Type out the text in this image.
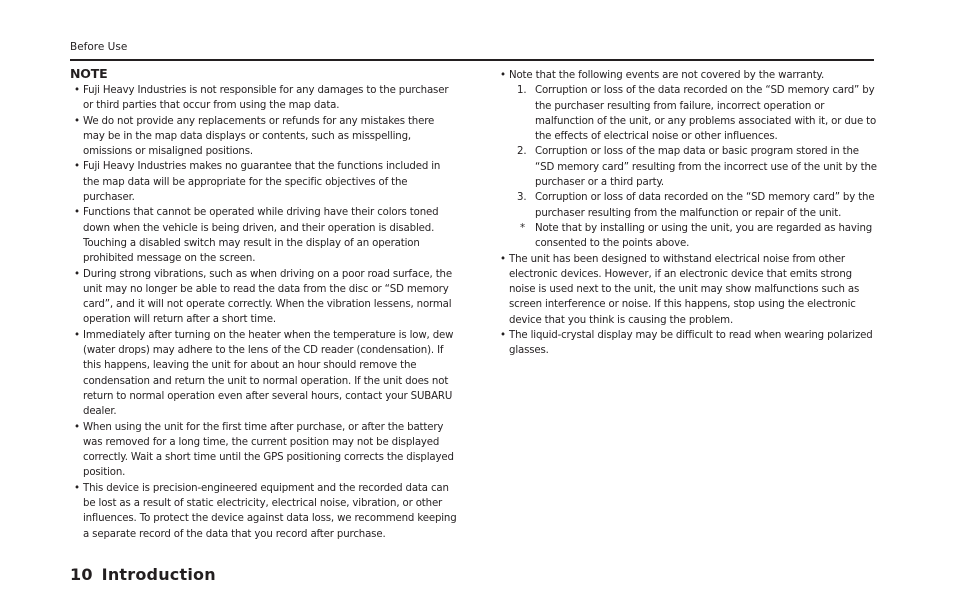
Before Use
NOTE
• Fuji Heavy Industries is not responsible for any damages to the purchaser or third parties that occur from using the map data.
• We do not provide any replacements or refunds for any mistakes there may be in the map data displays or contents, such as misspelling, omissions or misaligned positions.
• Fuji Heavy Industries makes no guarantee that the functions included in the map data will be appropriate for the specific objectives of the purchaser.
• Functions that cannot be operated while driving have their colors toned down when the vehicle is being driven, and their operation is disabled. Touching a disabled switch may result in the display of an operation prohibited message on the screen.
• During strong vibrations, such as when driving on a poor road surface, the unit may no longer be able to read the data from the disc or “SD memory card”, and it will not operate correctly. When the vibration lessens, normal operation will return after a short time.
• Immediately after turning on the heater when the temperature is low, dew (water drops) may adhere to the lens of the CD reader (condensation). If this happens, leaving the unit for about an hour should remove the condensation and return the unit to normal operation. If the unit does not return to normal operation even after several hours, contact your SUBARU dealer.
• When using the unit for the first time after purchase, or after the battery was removed for a long time, the current position may not be displayed correctly. Wait a short time until the GPS positioning corrects the displayed position.
• This device is precision-engineered equipment and the recorded data can be lost as a result of static electricity, electrical noise, vibration, or other influences. To protect the device against data loss, we recommend keeping a separate record of the data that you record after purchase.
• Note that the following events are not covered by the warranty.
1. Corruption or loss of the data recorded on the “SD memory card” by the purchaser resulting from failure, incorrect operation or malfunction of the unit, or any problems associated with it, or due to the effects of electrical noise or other influences.
2. Corruption or loss of the map data or basic program stored in the “SD memory card” resulting from the incorrect use of the unit by the purchaser or a third party.
3. Corruption or loss of data recorded on the “SD memory card” by the purchaser resulting from the malfunction or repair of the unit.
* Note that by installing or using the unit, you are regarded as having consented to the points above.
• The unit has been designed to withstand electrical noise from other electronic devices. However, if an electronic device that emits strong noise is used next to the unit, the unit may show malfunctions such as screen interference or noise. If this happens, stop using the electronic device that you think is causing the problem.
• The liquid-crystal display may be difficult to read when wearing polarized glasses.
10 Introduction
